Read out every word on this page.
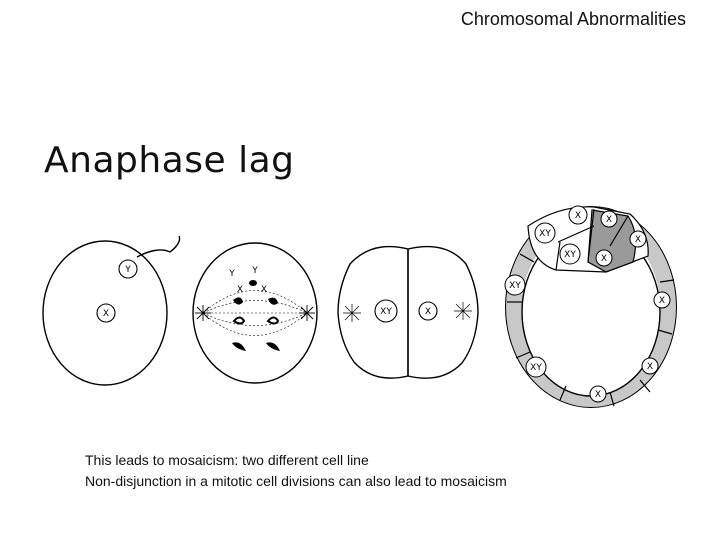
Chromosomal Abnormalities
Anaphase lag
Y
X
Y Y
X X
XY	X
XY
X
XY
X
XY
X
X
XY
X
X
X
This leads to mosaicism: two different cell line
Non-disjunction in a mitotic cell divisions can also lead to mosaicism
